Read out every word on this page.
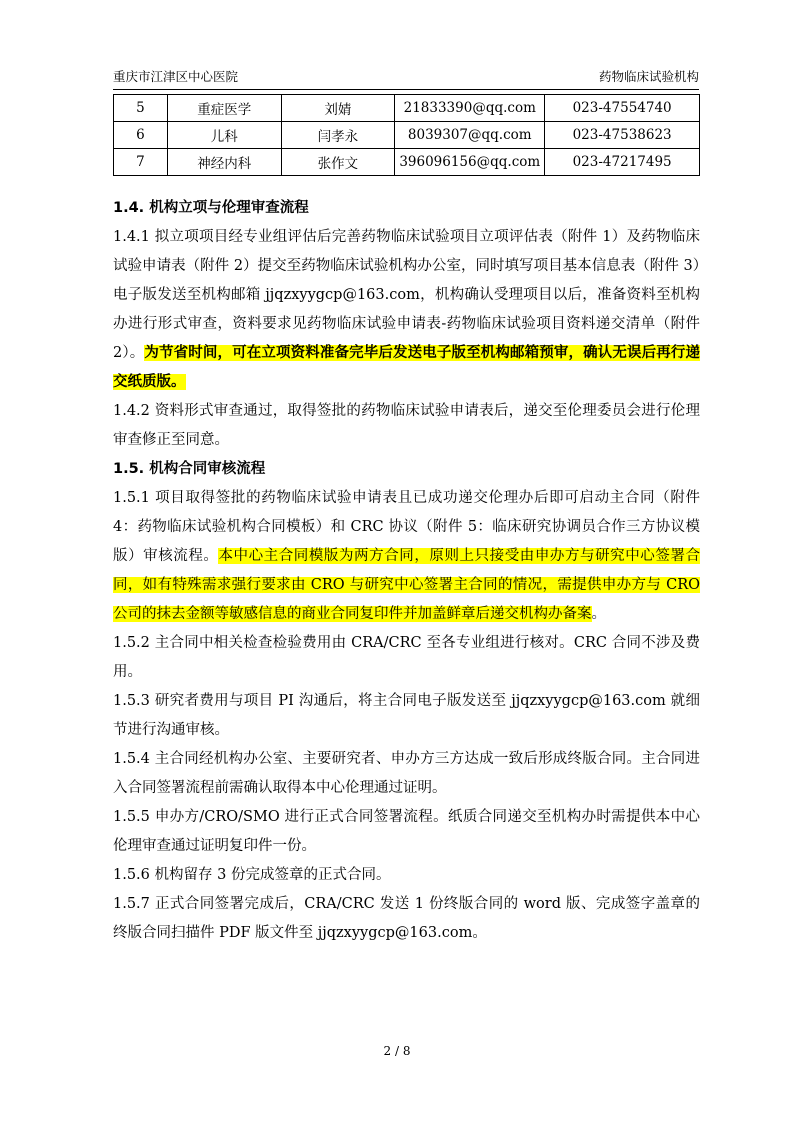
重庆市江津区中心医院	药物临床试验机构
5	重症医学	刘婧	21833390@qq.com	023-47554740
6	儿科	闫孝永	8039307@qq.com	023-47538623
7	神经内科	张作文	396096156@qq.com	023-47217495
1.4. 机构立项与伦理审查流程

1.4.1 拟立项项目经专业组评估后完善药物临床试验项目立项评估表（附件 1）及药物临床试验申请表（附件 2）提交至药物临床试验机构办公室，同时填写项目基本信息表（附件 3）电子版发送至机构邮箱 jjqzxyygcp@163.com，机构确认受理项目以后，准备资料至机构办进行形式审查，资料要求见药物临床试验申请表-药物临床试验项目资料递交清单（附件 2）。为节省时间，可在立项资料准备完毕后发送电子版至机构邮箱预审，确认无误后再行递交纸质版。

1.4.2 资料形式审查通过，取得签批的药物临床试验申请表后，递交至伦理委员会进行伦理审查修正至同意。

1.5. 机构合同审核流程

1.5.1 项目取得签批的药物临床试验申请表且已成功递交伦理办后即可启动主合同（附件 4：药物临床试验机构合同模板）和 CRC 协议（附件 5：临床研究协调员合作三方协议模版）审核流程。本中心主合同模版为两方合同，原则上只接受由申办方与研究中心签署合同，如有特殊需求强行要求由 CRO 与研究中心签署主合同的情况，需提供申办方与 CRO 公司的抹去金额等敏感信息的商业合同复印件并加盖鲜章后递交机构办备案。

1.5.2 主合同中相关检查检验费用由 CRA/CRC 至各专业组进行核对。CRC 合同不涉及费用。

1.5.3 研究者费用与项目 PI 沟通后，将主合同电子版发送至 jjqzxyygcp@163.com 就细节进行沟通审核。

1.5.4 主合同经机构办公室、主要研究者、申办方三方达成一致后形成终版合同。主合同进入合同签署流程前需确认取得本中心伦理通过证明。

1.5.5 申办方/CRO/SMO 进行正式合同签署流程。纸质合同递交至机构办时需提供本中心伦理审查通过证明复印件一份。

1.5.6 机构留存 3 份完成签章的正式合同。

1.5.7 正式合同签署完成后，CRA/CRC 发送 1 份终版合同的 word 版、完成签字盖章的终版合同扫描件 PDF 版文件至 jjqzxyygcp@163.com。

2 / 8
